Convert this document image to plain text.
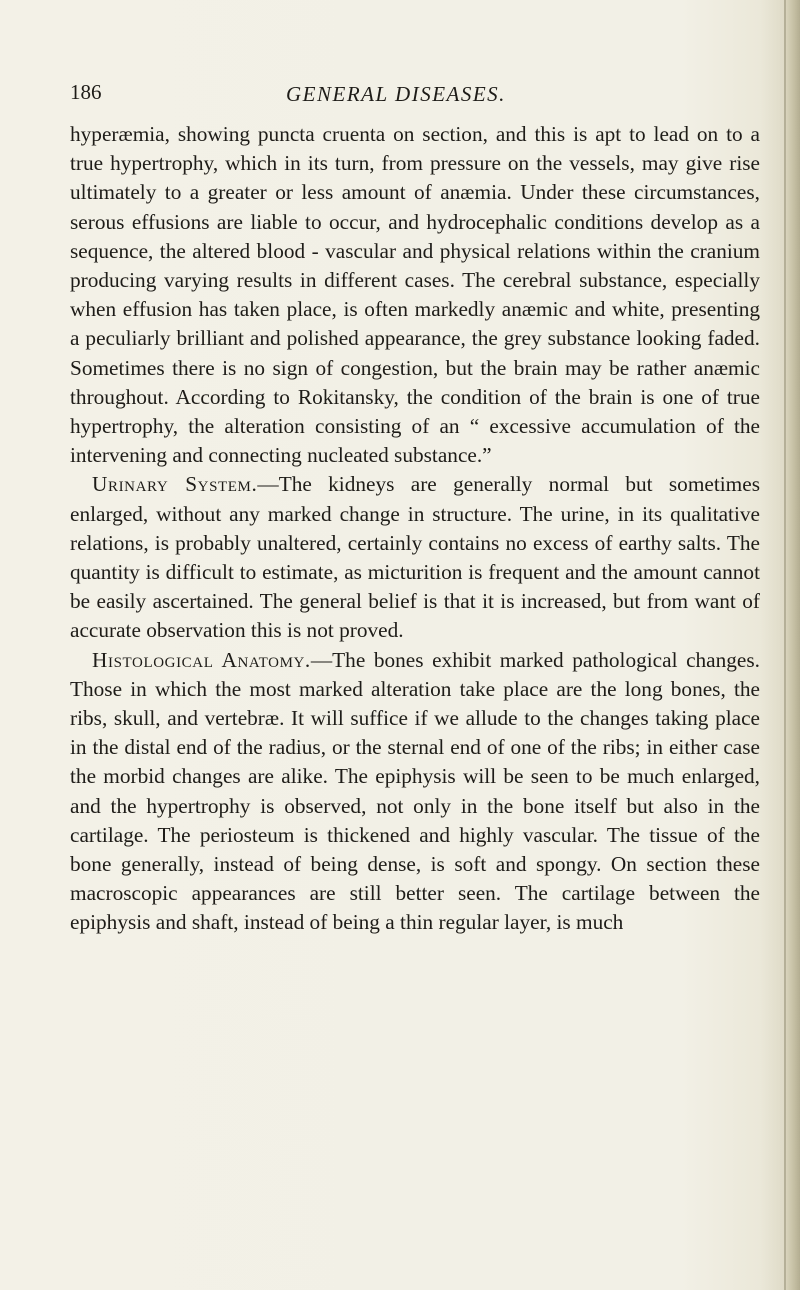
186	GENERAL DISEASES.

hyperæmia, showing puncta cruenta on section, and this is apt to lead on to a true hypertrophy, which in its turn, from pressure on the vessels, may give rise ultimately to a greater or less amount of anæmia. Under these circumstances, serous effusions are liable to occur, and hydrocephalic conditions develop as a sequence, the altered blood - vascular and physical relations within the cranium producing varying results in different cases. The cerebral substance, especially when effusion has taken place, is often markedly anæmic and white, presenting a peculiarly brilliant and polished appearance, the grey substance looking faded. Sometimes there is no sign of congestion, but the brain may be rather anæmic throughout. According to Rokitansky, the condition of the brain is one of true hypertrophy, the alteration consisting of an “ excessive accumulation of the intervening and connecting nucleated substance.”

Urinary System.—The kidneys are generally normal but sometimes enlarged, without any marked change in structure. The urine, in its qualitative relations, is probably unaltered, certainly contains no excess of earthy salts. The quantity is difficult to estimate, as micturition is frequent and the amount cannot be easily ascertained. The general belief is that it is increased, but from want of accurate observation this is not proved.

Histological Anatomy.—The bones exhibit marked pathological changes. Those in which the most marked alteration take place are the long bones, the ribs, skull, and vertebræ. It will suffice if we allude to the changes taking place in the distal end of the radius, or the sternal end of one of the ribs; in either case the morbid changes are alike. The epiphysis will be seen to be much enlarged, and the hypertrophy is observed, not only in the bone itself but also in the cartilage. The periosteum is thickened and highly vascular. The tissue of the bone generally, instead of being dense, is soft and spongy. On section these macroscopic appearances are still better seen. The cartilage between the epiphysis and shaft, instead of being a thin regular layer, is much
